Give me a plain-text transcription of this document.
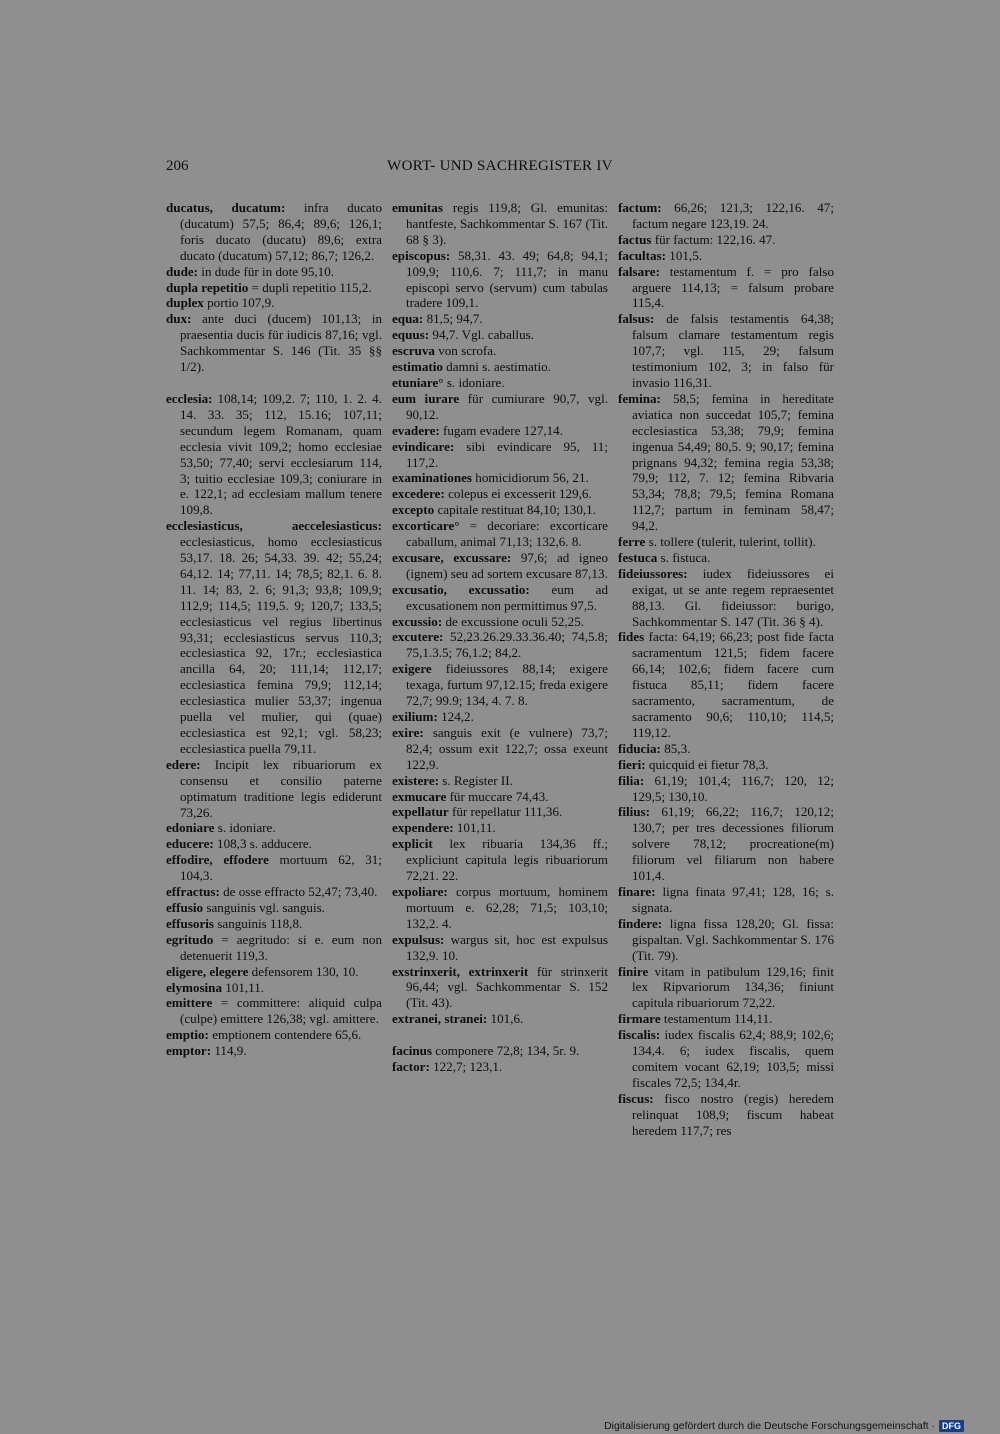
206	WORT- UND SACHREGISTER IV

ducatus, ducatum: infra ducato (ducatum) 57,5; 86,4; 89,6; 126,1; foris ducato (ducatu) 89,6; extra ducato (ducatum) 57,12; 86,7; 126,2.

dude: in dude für in dote 95,10.

dupla repetitio = dupli repetitio 115,2.

duplex portio 107,9.

dux: ante duci (ducem) 101,13; in praesentia ducis für iudicis 87,16; vgl. Sachkommentar S. 146 (Tit. 35 §§ 1/2).

ecclesia: 108,14; 109,2. 7; 110, 1. 2. 4. 14. 33. 35; 112, 15.16; 107,11; secundum legem Romanam, quam ecclesia vivit 109,2; homo ecclesiae 53,50; 77,40; servi ecclesiarum 114, 3; tuitio ecclesiae 109,3; coniurare in e. 122,1; ad ecclesiam mallum tenere 109,8.

ecclesiasticus, aeccelesiasticus: ecclesiasticus, homo ecclesiasticus 53,17. 18. 26; 54,33. 39. 42; 55,24; 64,12. 14; 77,11. 14; 78,5; 82,1. 6. 8. 11. 14; 83, 2. 6; 91,3; 93,8; 109,9; 112,9; 114,5; 119,5. 9; 120,7; 133,5; ecclesiasticus vel regius libertinus 93,31; ecclesiasticus servus 110,3; ecclesiastica 92, 17r.; ecclesiastica ancilla 64, 20; 111,14; 112,17; ecclesiastica femina 79,9; 112,14; ecclesiastica mulier 53,37; ingenua puella vel mulier, qui (quae) ecclesiastica est 92,1; vgl. 58,23; ecclesiastica puella 79,11.

edere: Incipit lex ribuariorum ex consensu et consilio paterne optimatum traditione legis ediderunt 73,26.

edoniare s. idoniare.

educere: 108,3 s. adducere.

effodire, effodere mortuum 62, 31; 104,3.

effractus: de osse effracto 52,47; 73,40.

effusio sanguinis vgl. sanguis.

effusoris sanguinis 118,8.

egritudo = aegritudo: si e. eum non detenuerit 119,3.

eligere, elegere defensorem 130, 10.

elymosina 101,11.

emittere = committere: aliquid culpa (culpe) emittere 126,38; vgl. amittere.

emptio: emptionem contendere 65,6.

emptor: 114,9.

emunitas regis 119,8; Gl. emunitas: hantfeste, Sachkommentar S. 167 (Tit. 68 § 3).

episcopus: 58,31. 43. 49; 64,8; 94,1; 109,9; 110,6. 7; 111,7; in manu episcopi servo (servum) cum tabulas tradere 109,1.

equa: 81,5; 94,7.

equus: 94,7. Vgl. caballus.

escruva von scrofa.

estimatio damni s. aestimatio.

etuniare° s. idoniare.

eum iurare für cumiurare 90,7, vgl. 90,12.

evadere: fugam evadere 127,14.

evindicare: sibi evindicare 95, 11; 117,2.

examinationes homicidiorum 56, 21.

excedere: colepus ei excesserit 129,6.

excepto capitale restituat 84,10; 130,1.

excorticare° = decoriare: excorticare caballum, animal 71,13; 132,6. 8.

excusare, excussare: 97,6; ad igneo (ignem) seu ad sortem excusare 87,13.

excusatio, excussatio: eum ad excusationem non permittimus 97,5.

excussio: de excussione oculi 52,25.

excutere: 52,23.26.29.33.36.40; 74,5.8; 75,1.3.5; 76,1.2; 84,2.

exigere fideiussores 88,14; exigere texaga, furtum 97,12.15; freda exigere 72,7; 99.9; 134, 4. 7. 8.

exilium: 124,2.

exire: sanguis exit (e vulnere) 73,7; 82,4; ossum exit 122,7; ossa exeunt 122,9.

existere: s. Register II.

exmucare für muccare 74,43.

expellatur für repellatur 111,36.

expendere: 101,11.

explicit lex ribuaria 134,36 ff.; expliciunt capitula legis ribuariorum 72,21. 22.

expoliare: corpus mortuum, hominem mortuum e. 62,28; 71,5; 103,10; 132,2. 4.

expulsus: wargus sit, hoc est expulsus 132,9. 10.

exstrinxerit, extrinxerit für strinxerit 96,44; vgl. Sachkommentar S. 152 (Tit. 43).

extranei, stranei: 101,6.

facinus componere 72,8; 134, 5r. 9.

factor: 122,7; 123,1.

factum: 66,26; 121,3; 122,16. 47; factum negare 123,19. 24.

factus für factum: 122,16. 47.

facultas: 101,5.

falsare: testamentum f. = pro falso arguere 114,13; = falsum probare 115,4.

falsus: de falsis testamentis 64,38; falsum clamare testamentum regis 107,7; vgl. 115, 29; falsum testimonium 102, 3; in falso für invasio 116,31.

femina: 58,5; femina in hereditate aviatica non succedat 105,7; femina ecclesiastica 53,38; 79,9; femina ingenua 54,49; 80,5. 9; 90,17; femina prignans 94,32; femina regia 53,38; 79,9; 112, 7. 12; femina Ribvaria 53,34; 78,8; 79,5; femina Romana 112,7; partum in feminam 58,47; 94,2.

ferre s. tollere (tulerit, tulerint, tollit).

festuca s. fistuca.

fideiussores: iudex fideiussores ei exigat, ut se ante regem repraesentet 88,13. Gl. fideiussor: burigo, Sachkommentar S. 147 (Tit. 36 § 4).

fides facta: 64,19; 66,23; post fide facta sacramentum 121,5; fidem facere 66,14; 102,6; fidem facere cum fistuca 85,11; fidem facere sacramento, sacramentum, de sacramento 90,6; 110,10; 114,5; 119,12.

fiducia: 85,3.

fieri: quicquid ei fietur 78,3.

filia: 61,19; 101,4; 116,7; 120, 12; 129,5; 130,10.

filius: 61,19; 66,22; 116,7; 120,12; 130,7; per tres decessiones filiorum solvere 78,12; procreatione(m) filiorum vel filiarum non habere 101,4.

finare: ligna finata 97,41; 128, 16; s. signata.

findere: ligna fissa 128,20; Gl. fissa: gispaltan. Vgl. Sachkommentar S. 176 (Tit. 79).

finire vitam in patibulum 129,16; finit lex Ripvariorum 134,36; finiunt capitula ribuariorum 72,22.

firmare testamentum 114,11.

fiscalis: iudex fiscalis 62,4; 88,9; 102,6; 134,4. 6; iudex fiscalis, quem comitem vocant 62,19; 103,5; missi fiscales 72,5; 134,4r.

fiscus: fisco nostro (regis) heredem relinquat 108,9; fiscum habeat heredem 117,7; res

Digitalisierung gefördert durch die Deutsche Forschungsgemeinschaft · DFG
